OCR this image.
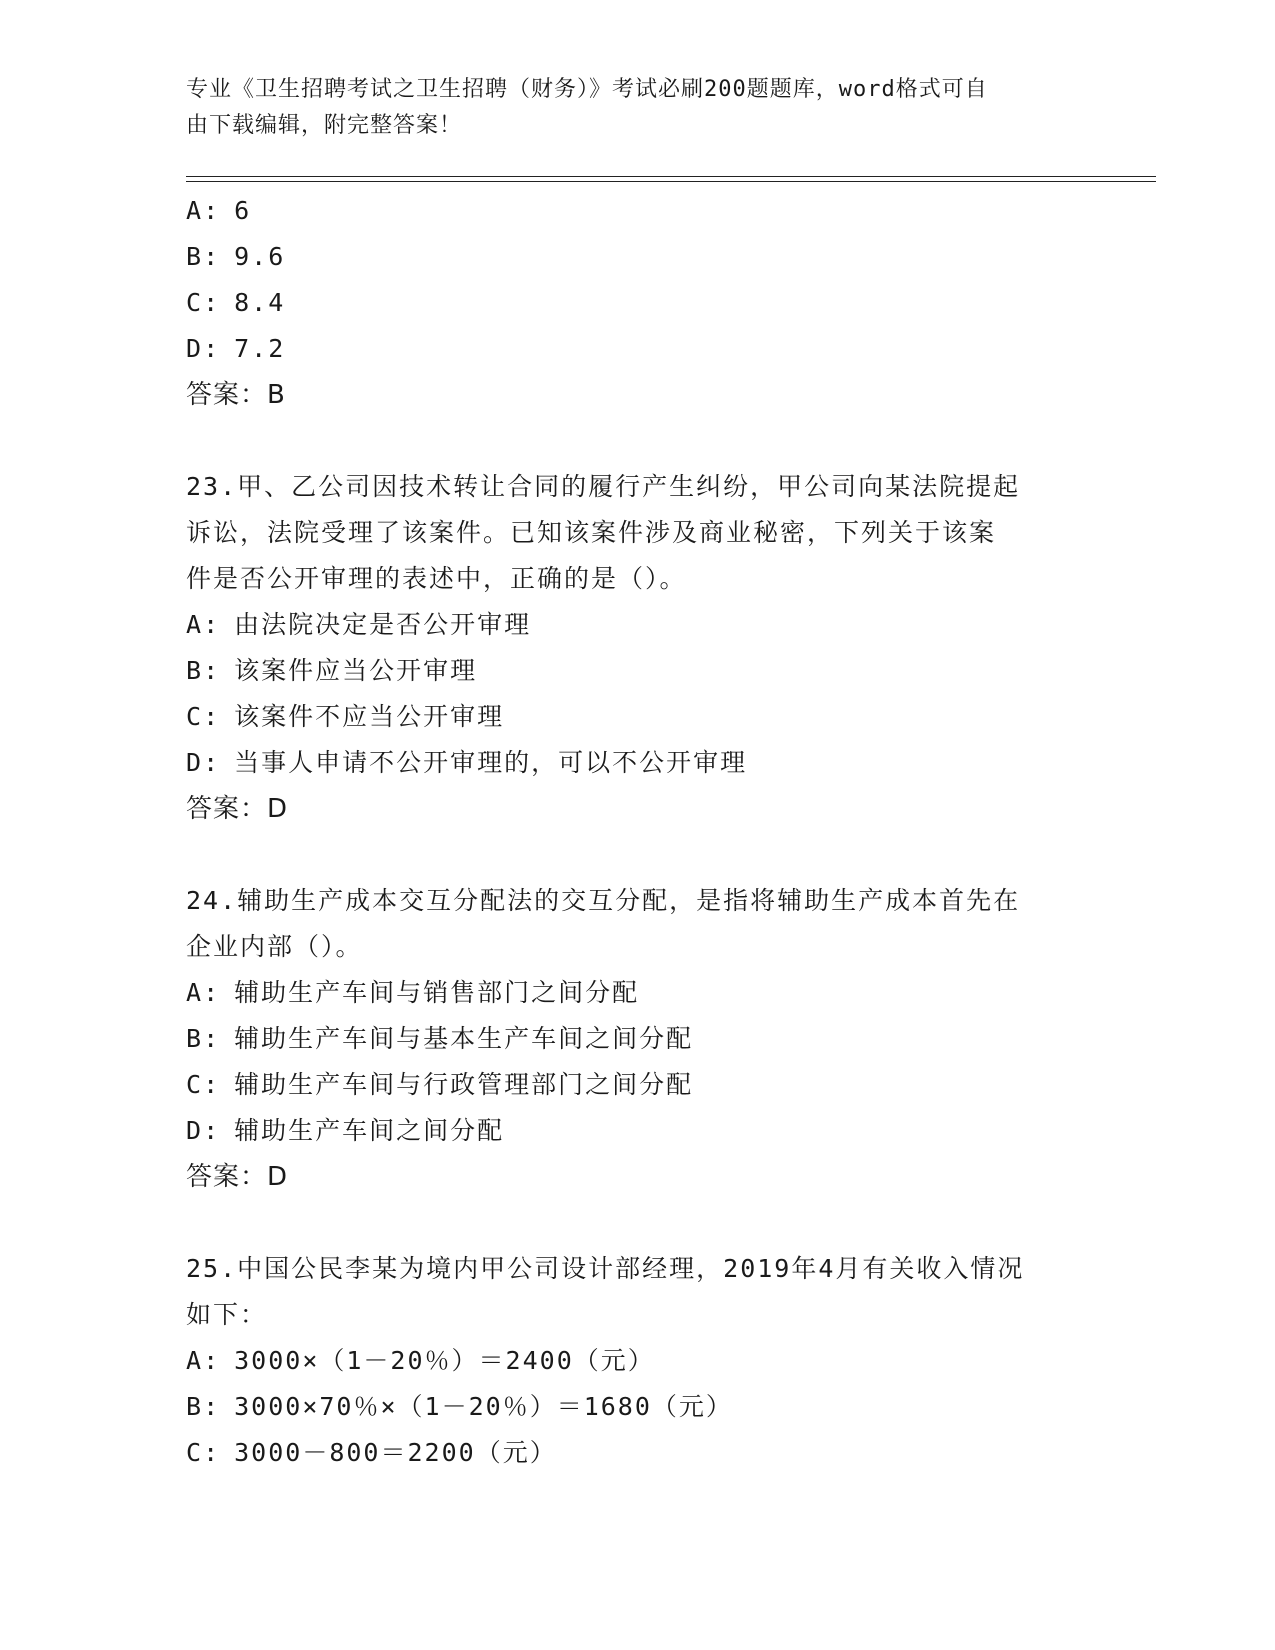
专业《卫生招聘考试之卫生招聘（财务）》考试必刷200题题库，word格式可自
由下载编辑，附完整答案！
A: 6
B: 9.6
C: 8.4
D: 7.2
答案：B
23.甲、乙公司因技术转让合同的履行产生纠纷，甲公司向某法院提起
诉讼，法院受理了该案件。已知该案件涉及商业秘密，下列关于该案
件是否公开审理的表述中，正确的是（）。
A: 由法院决定是否公开审理
B: 该案件应当公开审理
C: 该案件不应当公开审理
D: 当事人申请不公开审理的，可以不公开审理
答案：D
24.辅助生产成本交互分配法的交互分配，是指将辅助生产成本首先在
企业内部（）。
A: 辅助生产车间与销售部门之间分配
B: 辅助生产车间与基本生产车间之间分配
C: 辅助生产车间与行政管理部门之间分配
D: 辅助生产车间之间分配
答案：D
25.中国公民李某为境内甲公司设计部经理，2019年4月有关收入情况
如下：
A: 3000×（1－20％）＝2400（元）
B: 3000×70％×（1－20％）＝1680（元）
C: 3000－800＝2200（元）
